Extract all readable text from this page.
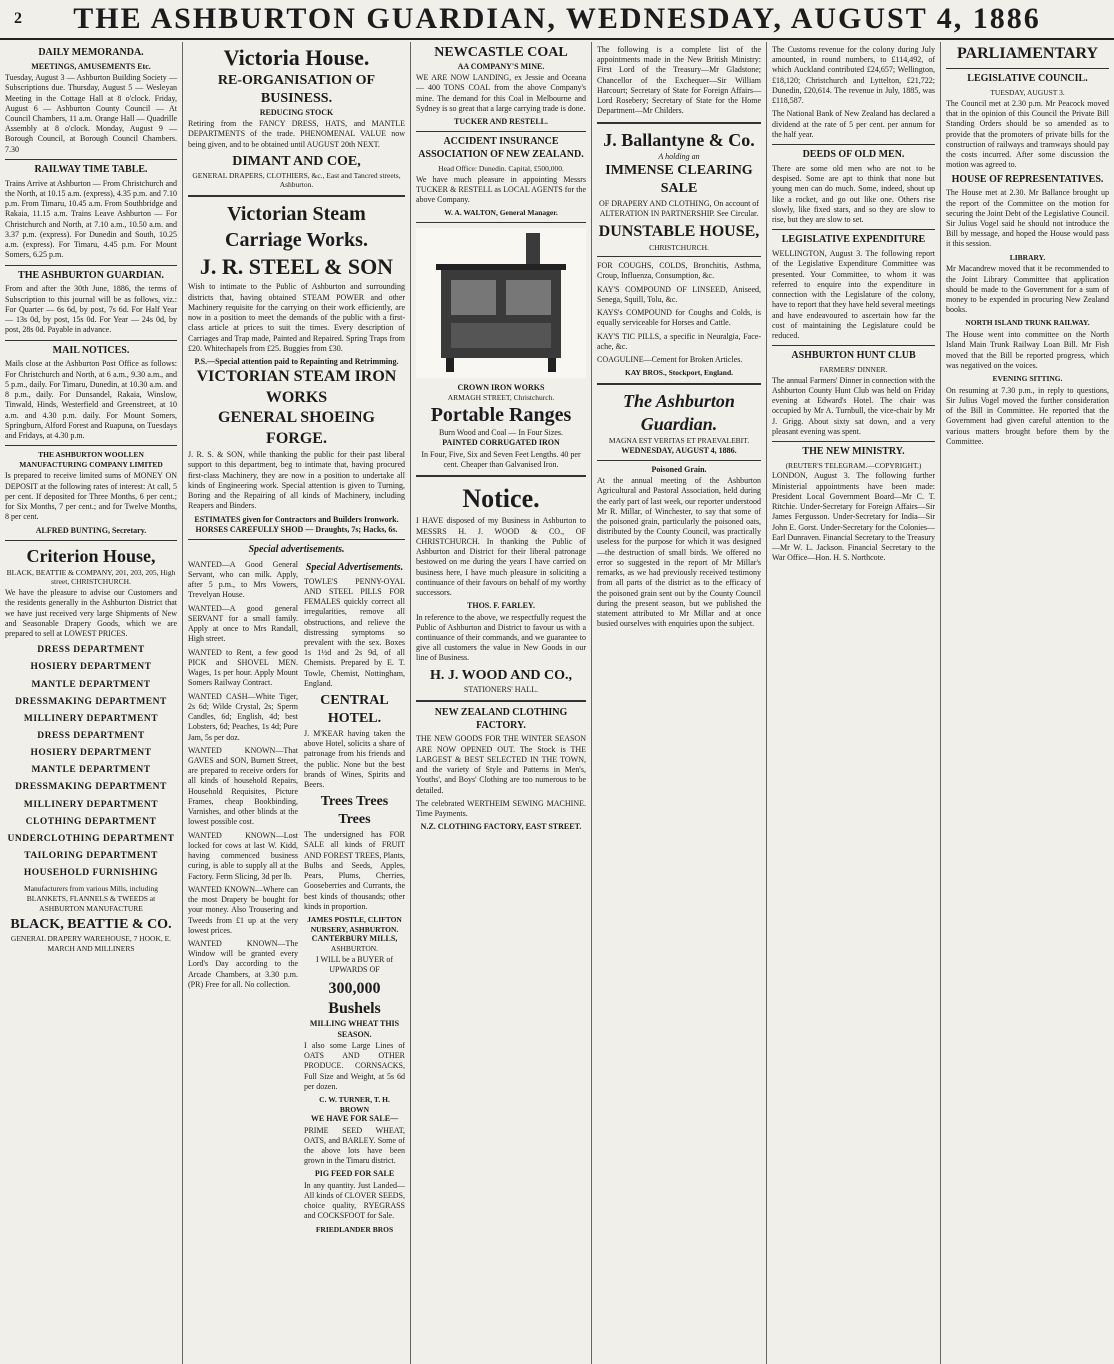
2	THE ASHBURTON GUARDIAN, WEDNESDAY, AUGUST 4, 1886
DAILY MEMORANDA.
MEETINGS, AMUSEMENTS Etc.

Tuesday, August 3 — Ashburton Building Society — Subscriptions due. Thursday, August 5 — Wesleyan Meeting in the Cottage Hall at 8 o'clock. Friday, August 6 — Ashburton County Council — At Council Chambers, 11 a.m. Orange Hall — Quadrille Assembly at 8 o'clock. Monday, August 9 — Borough Council, at Borough Council Chambers. 7.30

RAILWAY TIME TABLE.

Trains Arrive at Ashburton — From Christchurch and the North, at 10.15 a.m. (express), 4.35 p.m. and 7.10 p.m. From Timaru, 10.45 a.m. From Southbridge and Rakaia, 11.15 a.m. Trains Leave Ashburton — For Christchurch and North, at 7.10 a.m., 10.50 a.m. and 3.37 p.m. (express). For Dunedin and South, 10.25 a.m. (express). For Timaru, 4.45 p.m. For Mount Somers, 6.25 p.m.

THE ASHBURTON GUARDIAN.

From and after the 30th June, 1886, the terms of Subscription to this journal will be as follows, viz.: For Quarter — 6s 6d, by post, 7s 6d. For Half Year — 13s 0d, by post, 15s 0d. For Year — 24s 0d, by post, 28s 0d. Payable in advance.

MAIL NOTICES.

Mails close at the Ashburton Post Office as follows: For Christchurch and North, at 6 a.m., 9.30 a.m., and 5 p.m., daily. For Timaru, Dunedin, at 10.30 a.m. and 8 p.m., daily. For Dunsandel, Rakaia, Winslow, Tinwald, Hinds, Westerfield and Greenstreet, at 10 a.m. and 4.30 p.m. daily. For Mount Somers, Springburn, Alford Forest and Ruapuna, on Tuesdays and Fridays, at 4.30 p.m.

THE ASHBURTON WOOLLEN MANUFACTURING COMPANY LIMITED

Is prepared to receive limited sums of MONEY ON DEPOSIT at the following rates of interest: At call, 5 per cent. If deposited for Three Months, 6 per cent.; for Six Months, 7 per cent.; and for Twelve Months, 8 per cent.

ALFRED BUNTING, Secretary.
Criterion House,
BLACK, BEATTIE & COMPANY, 201, 203, 205, High street, CHRISTCHURCH.

We have the pleasure to advise our Customers and the residents generally in the Ashburton District that we have just received very large Shipments of New and Seasonable Drapery Goods, which we are prepared to sell at LOWEST PRICES.

DRESS DEPARTMENT
HOSIERY DEPARTMENT
MANTLE DEPARTMENT
DRESSMAKING DEPARTMENT
MILLINERY DEPARTMENT
DRESS DEPARTMENT
HOSIERY DEPARTMENT
MANTLE DEPARTMENT
DRESSMAKING DEPARTMENT
MILLINERY DEPARTMENT
CLOTHING DEPARTMENT
UNDERCLOTHING DEPARTMENT
TAILORING DEPARTMENT
HOUSEHOLD FURNISHING

Manufacturers from various Mills, including BLANKETS, FLANNELS & TWEEDS at ASHBURTON MANUFACTURE

BLACK, BEATTIE & CO.
GENERAL DRAPERY WAREHOUSE, 7 HOOK, E. MARCH AND MILLINERS
Victoria House.
RE-ORGANISATION OF BUSINESS.
REDUCING STOCK

Retiring from the FANCY DRESS, HATS, and MANTLE DEPARTMENTS of the trade. PHENOMENAL VALUE now being given, and to be obtained until AUGUST 20th NEXT.

DIMANT AND COE,
GENERAL DRAPERS, CLOTHIERS, &c., East and Tancred streets, Ashburton.
Victorian Steam Carriage Works.
J. R. STEEL & SON

Wish to intimate to the Public of Ashburton and surrounding districts that, having obtained STEAM POWER and other Machinery requisite for the carrying on their work efficiently, are now in a position to meet the demands of the public with a first-class article at prices to suit the times. Every description of Carriages and Trap made, Painted and Repaired. Spring Traps from £20. Whitechapels from £25. Buggies from £30.

P.S.—Special attention paid to Repainting and Retrimming.
VICTORIAN STEAM IRON WORKS
GENERAL SHOEING FORGE.

J. R. S. & SON, while thanking the public for their past liberal support to this department, beg to intimate that, having procured first-class Machinery, they are now in a position to undertake all kinds of Engineering work. Special attention is given to Turning, Boring and the Repairing of all kinds of Machinery, including Reapers and Binders.

ESTIMATES given for Contractors and Builders Ironwork.
HORSES CAREFULLY SHOD — Draughts, 7s; Hacks, 6s.
Special advertisements.

WANTED—A Good General Servant, who can milk. Apply, after 5 p.m., to Mrs Vowers, Trevelyan House.

WANTED—A good general SERVANT for a small family. Apply at once to Mrs Randall, High street.

WANTED to Rent, a few good PICK and SHOVEL MEN. Wages, 1s per hour. Apply Mount Somers Railway Contract.

WANTED CASH—White Tiger, 2s 6d; Wilde Crystal, 2s; Sperm Candles, 6d; English, 4d; best Lobsters, 6d; Peaches, 1s 4d; Pure Jam, 5s per doz.

WANTED KNOWN—That GAVES and SON, Burnett Street, are prepared to receive orders for all kinds of household Repairs, Household Requisites, Picture Frames, cheap Bookbinding, Varnishes, and other blinds at the lowest possible cost.

WANTED KNOWN—Lost locked for cows at last W. Kidd, having commenced business curing, is able to supply all at the Factory. Ferm Slicing, 3d per lb.

WANTED KNOWN—Where can the most Drapery be bought for your money. Also Trousering and Tweeds from £1 up at the very lowest prices.

WANTED KNOWN—The Window will be granted every Lord's Day according to the Arcade Chambers, at 3.30 p.m. (PR) Free for all. No collection.

Special Advertisements.

TOWLE'S PENNY-OYAL AND STEEL PILLS FOR FEMALES quickly correct all irregularities, remove all obstructions, and relieve the distressing symptoms so prevalent with the sex. Boxes 1s 1½d and 2s 9d, of all Chemists. Prepared by E. T. Towle, Chemist, Nottingham, England.

CENTRAL HOTEL.

J. M'KEAR having taken the above Hotel, solicits a share of patronage from his friends and the public. None but the best brands of Wines, Spirits and Beers.

Trees Trees Trees

The undersigned has FOR SALE all kinds of FRUIT AND FOREST TREES, Plants, Bulbs and Seeds, Apples, Pears, Plums, Cherries, Gooseberries and Currants, the best kinds of thousands; other kinds in proportion.

JAMES POSTLE, CLIFTON NURSERY, ASHBURTON.
CANTERBURY MILLS,
ASHBURTON.

I WILL be a BUYER of UPWARDS OF

300,000 Bushels
MILLING WHEAT THIS SEASON.

I also some Large Lines of OATS AND OTHER PRODUCE. CORNSACKS, Full Size and Weight, at 5s 6d per dozen.

C. W. TURNER, T. H. BROWN
WE HAVE FOR SALE—

PRIME SEED WHEAT, OATS, and BARLEY. Some of the above lots have been grown in the Timaru district.

PIG FEED FOR SALE

In any quantity. Just Landed— All kinds of CLOVER SEEDS, choice quality, RYEGRASS and COCKSFOOT for Sale.

FRIEDLANDER BROS
NEWCASTLE COAL
AA COMPANY'S MINE.

WE ARE NOW LANDING, ex Jessie and Oceana — 400 TONS COAL from the above Company's mine. The demand for this Coal in Melbourne and Sydney is so great that a large carrying trade is done.

TUCKER AND RESTELL.
ACCIDENT INSURANCE ASSOCIATION OF NEW ZEALAND.
Head Office: Dunedin. Capital, £500,000.

We have much pleasure in appointing Messrs TUCKER & RESTELL as LOCAL AGENTS for the above Company.

W. A. WALTON, General Manager.
CROWN IRON WORKS
ARMAGH STREET, Christchurch.
Portable Ranges
Burn Wood and Coal — In Four Sizes.
PAINTED CORRUGATED IRON

In Four, Five, Six and Seven Feet Lengths. 40 per cent. Cheaper than Galvanised Iron.

Notice.

I HAVE disposed of my Business in Ashburton to MESSRS H. J. WOOD & CO., OF CHRISTCHURCH. In thanking the Public of Ashburton and District for their liberal patronage bestowed on me during the years I have carried on business here, I have much pleasure in soliciting a continuance of their favours on behalf of my worthy successors.

THOS. F. FARLEY.

In reference to the above, we respectfully request the Public of Ashburton and District to favour us with a continuance of their commands, and we guarantee to give all customers the value in New Goods in our line of Business.

H. J. WOOD AND CO.,
STATIONERS' HALL.
NEW ZEALAND CLOTHING FACTORY.

THE NEW GOODS FOR THE WINTER SEASON ARE NOW OPENED OUT. The Stock is THE LARGEST & BEST SELECTED IN THE TOWN, and the variety of Style and Patterns in Men's, Youths', and Boys' Clothing are too numerous to be detailed.

The celebrated WERTHEIM SEWING MACHINE. Time Payments.

N.Z. CLOTHING FACTORY, EAST STREET.

The following is a complete list of the appointments made in the New British Ministry: First Lord of the Treasury—Mr Gladstone; Chancellor of the Exchequer—Sir William Harcourt; Secretary of State for Foreign Affairs—Lord Rosebery; Secretary of State for the Home Department—Mr Childers.

J. Ballantyne & Co.
A holding an
IMMENSE CLEARING SALE

OF DRAPERY AND CLOTHING, On account of ALTERATION IN PARTNERSHIP. See Circular.

DUNSTABLE HOUSE,
CHRISTCHURCH.

FOR COUGHS, COLDS, Bronchitis, Asthma, Croup, Influenza, Consumption, &c.

KAY'S COMPOUND OF LINSEED, Aniseed, Senega, Squill, Tolu, &c.

KAYS's COMPOUND for Coughs and Colds, is equally serviceable for Horses and Cattle.

KAY'S TIC PILLS, a specific in Neuralgia, Face-ache, &c.

COAGULINE—Cement for Broken Articles.

KAY BROS., Stockport, England.
The Ashburton Guardian.
MAGNA EST VERITAS ET PRAEVALEBIT.
WEDNESDAY, AUGUST 4, 1886.
Poisoned Grain.

At the annual meeting of the Ashburton Agricultural and Pastoral Association, held during the early part of last week, our reporter understood Mr R. Millar, of Winchester, to say that some of the poisoned grain, particularly the poisoned oats, distributed by the County Council, was practically useless for the purpose for which it was designed—the destruction of small birds. We offered no error so suggested in the report of Mr Millar's remarks, as we had previously received testimony from all parts of the district as to the efficacy of the poisoned grain sent out by the County Council during the present season, but we published the statement attributed to Mr Millar and at once busied ourselves with enquiries upon the subject.

The Customs revenue for the colony during July amounted, in round numbers, to £114,492, of which Auckland contributed £24,657; Wellington, £18,120; Christchurch and Lyttelton, £21,722; Dunedin, £20,614. The revenue in July, 1885, was £118,587.

The National Bank of New Zealand has declared a dividend at the rate of 5 per cent. per annum for the half year.

DEEDS OF OLD MEN.

There are some old men who are not to be despised. Some are apt to think that none but young men can do much. Some, indeed, shout up like a rocket, and go out like one. Others rise slowly, like fixed stars, and so they are slow to rise, but they are slow to set.

LEGISLATIVE EXPENDITURE

WELLINGTON, August 3. The following report of the Legislative Expenditure Committee was presented. Your Committee, to whom it was referred to enquire into the expenditure in connection with the Legislature of the colony, have to report that they have held several meetings and have endeavoured to ascertain how far the cost of maintaining the Legislature could be reduced.

ASHBURTON HUNT CLUB
FARMERS' DINNER.

The annual Farmers' Dinner in connection with the Ashburton County Hunt Club was held on Friday evening at Edward's Hotel. The chair was occupied by Mr A. Turnbull, the vice-chair by Mr J. Grigg. About sixty sat down, and a very pleasant evening was spent.

THE NEW MINISTRY.
(REUTER'S TELEGRAM.—COPYRIGHT.)

LONDON, August 3. The following further Ministerial appointments have been made: President Local Government Board—Mr C. T. Ritchie. Under-Secretary for Foreign Affairs—Sir James Fergusson. Under-Secretary for India—Sir John E. Gorst. Under-Secretary for the Colonies—Earl Dunraven. Financial Secretary to the Treasury—Mr W. L. Jackson. Financial Secretary to the War Office—Hon. H. S. Northcote.

PARLIAMENTARY
LEGISLATIVE COUNCIL.
TUESDAY, AUGUST 3.

The Council met at 2.30 p.m. Mr Peacock moved that in the opinion of this Council the Private Bill Standing Orders should be so amended as to provide that the promoters of private bills for the construction of railways and tramways should pay the costs incurred. After some discussion the motion was agreed to.

HOUSE OF REPRESENTATIVES.

The House met at 2.30. Mr Ballance brought up the report of the Committee on the motion for securing the Joint Debt of the Legislative Council. Sir Julius Vogel said he should not introduce the Bill by message, and hoped the House would pass it this session.

LIBRARY.

Mr Macandrew moved that it be recommended to the Joint Library Committee that application should be made to the Government for a sum of money to be expended in procuring New Zealand books.

NORTH ISLAND TRUNK RAILWAY.

The House went into committee on the North Island Main Trunk Railway Loan Bill. Mr Fish moved that the Bill be reported progress, which was negatived on the voices.

EVENING SITTING.

On resuming at 7.30 p.m., in reply to questions, Sir Julius Vogel moved the further consideration of the Bill in Committee. He reported that the Government had given careful attention to the various matters brought before them by the Committee.
